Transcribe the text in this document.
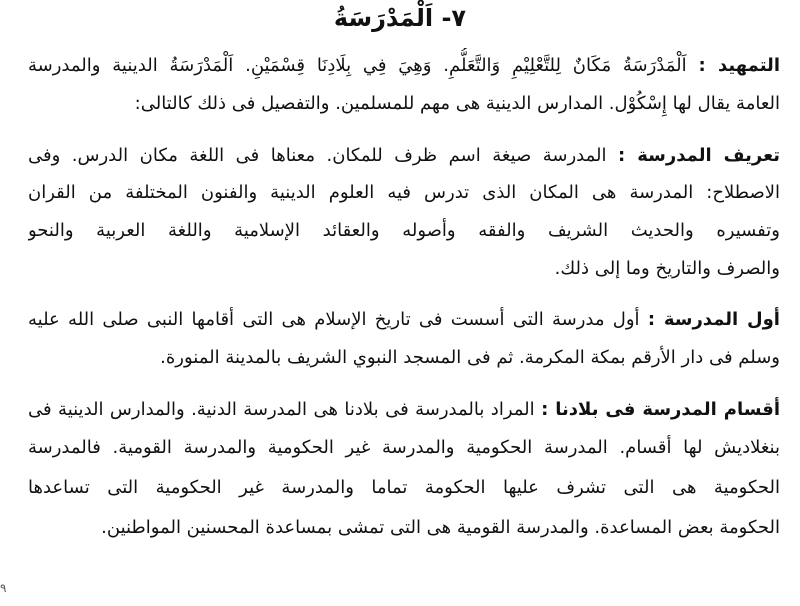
٧- اَلْمَدْرَسَةُ
التمهيد : اَلْمَدْرَسَةُ مَكَانٌ لِلتَّعْلِيْمِ وَالتَّعَلُّمِ. وَهِيَ فِي بِلَادِنَا قِسْمَيْنِ. اَلْمَدْرَسَةُ الدينية والمدرسة
العامة يقال لها إِسْكُوْل. المدارس الدينية هى مهم للمسلمين. والتفصيل فى ذلك كالتالى:
تعريف المدرسة : المدرسة صيغة اسم ظرف للمكان. معناها فى اللغة مكان الدرس. وفى
الاصطلاح: المدرسة هى المكان الذى تدرس فيه العلوم الدينية والفنون المختلفة من القران
وتفسيره والحديث الشريف والفقه وأصوله والعقائد الإسلامية واللغة العربية والنحو
والصرف والتاريخ وما إلى ذلك.
أول المدرسة : أول مدرسة التى أسست فى تاريخ الإسلام هى التى أقامها النبى صلى الله عليه
وسلم فى دار الأرقم بمكة المكرمة. ثم فى المسجد النبوي الشريف بالمدينة المنورة.
أقسام المدرسة فى بلادنا : المراد بالمدرسة فى بلادنا هى المدرسة الدنية. والمدارس الدينية فى
بنغلاديش لها أقسام. المدرسة الحكومية والمدرسة غير الحكومية والمدرسة القومية. فالمدرسة
الحكومية هى التى تشرف عليها الحكومة تماما والمدرسة غير الحكومية التى تساعدها
الحكومة بعض المساعدة. والمدرسة القومية هى التى تمشى بمساعدة المحسنين المواطنين.
٩
